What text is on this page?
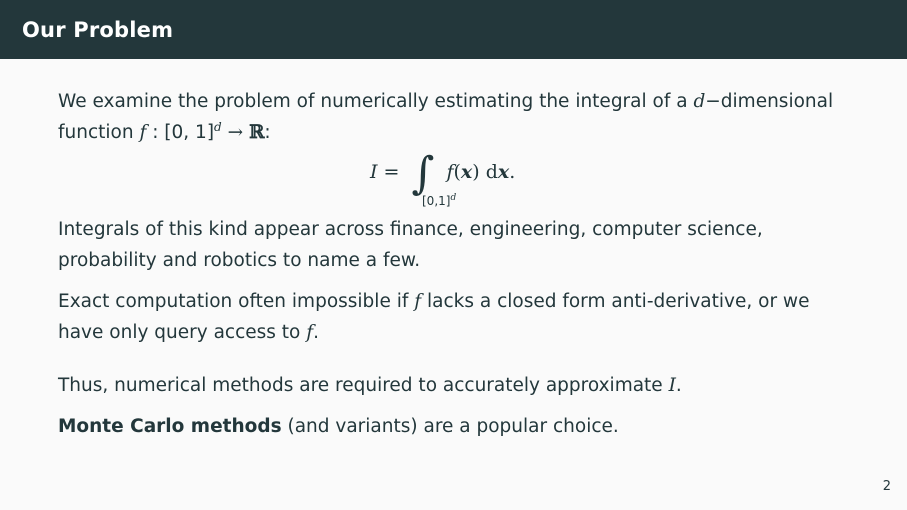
Our Problem

We examine the problem of numerically estimating the integral of a d−dimensional
function f : [0, 1]$^d$ → ℝ:

I = ∫
$[0,1]^d$
f ( x ) d x .

Integrals of this kind appear across finance, engineering, computer science, probability and robotics to name a few.

Exact computation often impossible if f lacks a closed form anti-derivative, or we have only query access to f.

Thus, numerical methods are required to accurately approximate I.

Monte Carlo methods (and variants) are a popular choice.

2
